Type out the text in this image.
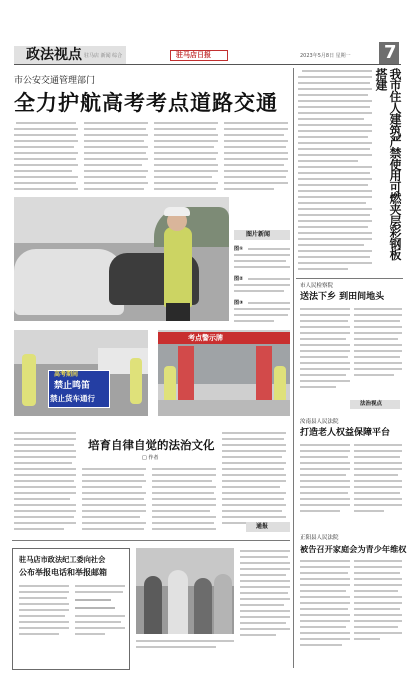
政法视点 驻马店 新闻 综合	驻马店日报	2023年5月8日 星期一 7
市公安交通管理部门
全力护航高考考点道路交通
图片新闻
图①
图②
图③
高考期间
禁止鸣笛
禁止货车通行
考点警示牌
我市住人建筑严禁使用可燃夹层彩钢板搭建
市人民检察院
送法下乡 到田间地头
法治视点
汝南县人民法院
打造老人权益保障平台
正阳县人民法院
被告召开家庭会为青少年维权
培育自律自觉的法治文化
□ 作者
驻马店市政法纪工委向社会
公布举报电话和举报邮箱
通报
